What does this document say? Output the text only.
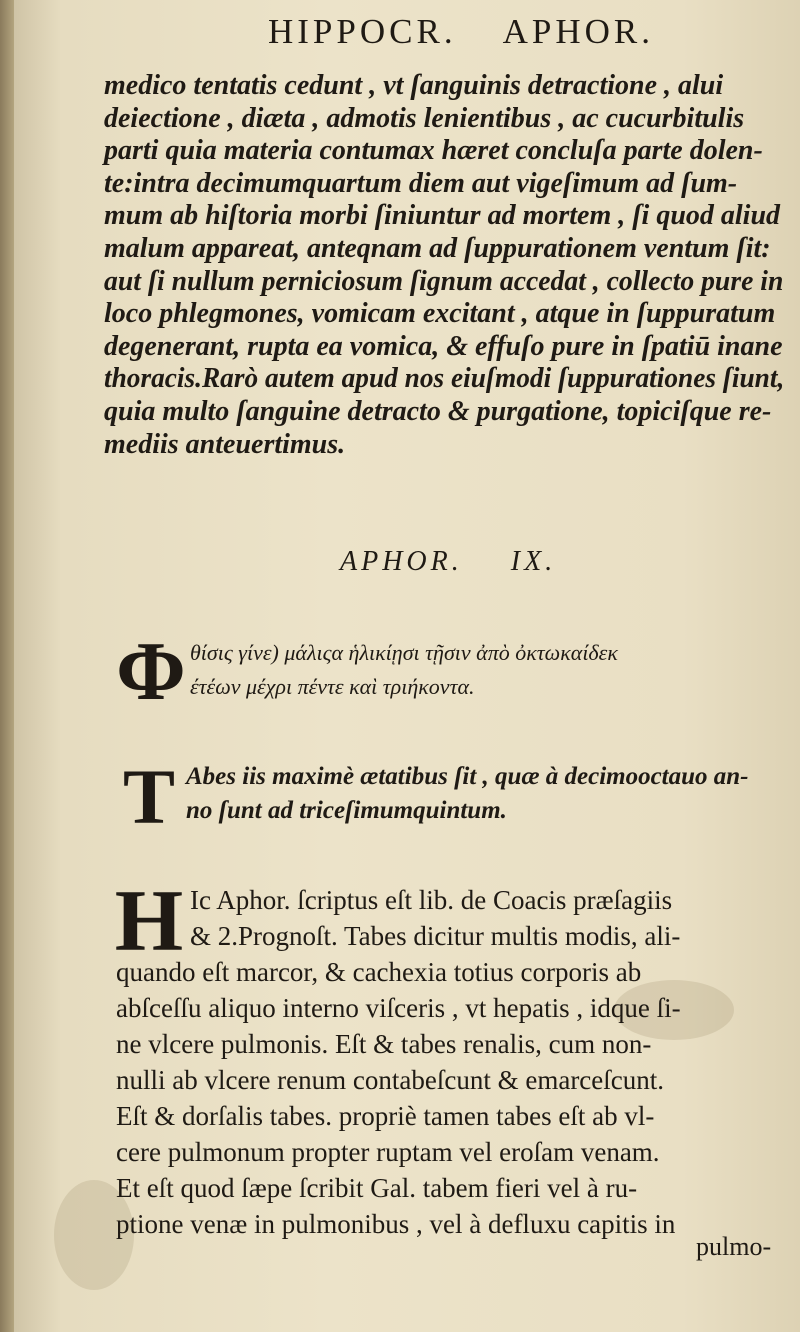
HIPPOCR. APHOR.
medico tentatis cedunt , vt ſanguinis detractione , alui
deiectione , diæta , admotis lenientibus , ac cucurbitulis
parti quia materia contumax hæret concluſa parte dolen-
te:intra decimumquartum diem aut vigeſimum ad ſum-
mum ab hiſtoria morbi ſiniuntur ad mortem , ſi quod aliud
malum appareat, anteqnam ad ſuppurationem ventum ſit:
aut ſi nullum perniciosum ſignum accedat , collecto pure in
loco phlegmones, vomicam excitant , atque in ſuppuratum
degenerant, rupta ea vomica, & effuſo pure in ſpatiū inane
thoracis.Rarò autem apud nos eiuſmodi ſuppurationes ſiunt,
quia multo ſanguine detracto & purgatione, topiciſque re-
mediis anteuertimus.
APHOR. IX.
Φ θίσις γίνε) μάλιςα ἡλικίῃσι τῇσιν ἀπὸ ὀκτωκαίδεκ
έτέων μέχρι πέντε καὶ τριήκοντα.
T Abes iis maximè ætatibus ſit , quæ à decimooctauo an-
no ſunt ad triceſimumquintum.
H Ic Aphor. ſcriptus eſt lib. de Coacis præſagiis
& 2.Prognoſt. Tabes dicitur multis modis, ali-
quando eſt marcor, & cachexia totius corporis ab
abſceſſu aliquo interno viſceris , vt hepatis , idque ſi-
ne vlcere pulmonis. Eſt & tabes renalis, cum non-
nulli ab vlcere renum contabeſcunt & emarceſcunt.
Eſt & dorſalis tabes. propriè tamen tabes eſt ab vl-
cere pulmonum propter ruptam vel eroſam venam.
Et eſt quod ſæpe ſcribit Gal. tabem fieri vel à ru-
ptione venæ in pulmonibus , vel à defluxu capitis in
pulmo-
